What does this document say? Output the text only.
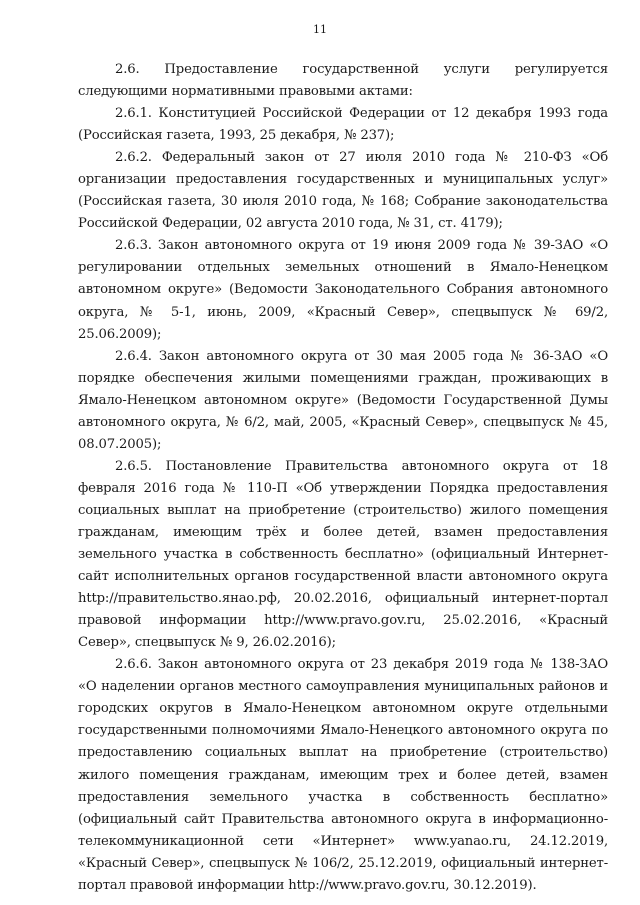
11

2.6. Предоставление государственной услуги регулируется следующими нормативными правовыми актами:

2.6.1. Конституцией Российской Федерации от 12 декабря 1993 года (Российская газета, 1993, 25 декабря, № 237);

2.6.2. Федеральный закон от 27 июля 2010 года № 210-ФЗ «Об организации предоставления государственных и муниципальных услуг» (Российская газета, 30 июля 2010 года, № 168; Собрание законодательства Российской Федерации, 02 августа 2010 года, № 31, ст. 4179);

2.6.3. Закон автономного округа от 19 июня 2009 года № 39-ЗАО «О регулировании отдельных земельных отношений в Ямало-Ненецком автономном округе» (Ведомости Законодательного Собрания автономного округа, № 5-1, июнь, 2009, «Красный Север», спецвыпуск № 69/2, 25.06.2009);

2.6.4. Закон автономного округа от 30 мая 2005 года № 36-ЗАО «О порядке обеспечения жилыми помещениями граждан, проживающих в Ямало-Ненецком автономном округе» (Ведомости Государственной Думы автономного округа, № 6/2, май, 2005, «Красный Север», спецвыпуск № 45, 08.07.2005);

2.6.5. Постановление Правительства автономного округа от 18 февраля 2016 года № 110-П «Об утверждении Порядка предоставления социальных выплат на приобретение (строительство) жилого помещения гражданам, имеющим трёх и более детей, взамен предоставления земельного участка в собственность бесплатно» (официальный Интернет-сайт исполнительных органов государственной власти автономного округа http://правительство.янао.рф, 20.02.2016, официальный интернет-портал правовой информации http://www.pravo.gov.ru, 25.02.2016, «Красный Север», спецвыпуск № 9, 26.02.2016);

2.6.6. Закон автономного округа от 23 декабря 2019 года № 138-ЗАО «О наделении органов местного самоуправления муниципальных районов и городских округов в Ямало-Ненецком автономном округе отдельными государственными полномочиями Ямало-Ненецкого автономного округа по предоставлению социальных выплат на приобретение (строительство) жилого помещения гражданам, имеющим трех и более детей, взамен предоставления земельного участка в собственность бесплатно» (официальный сайт Правительства автономного округа в информационно-телекоммуникационной сети «Интернет» www.yanao.ru, 24.12.2019, «Красный Север», спецвыпуск № 106/2, 25.12.2019, официальный интернет-портал правовой информации http://www.pravo.gov.ru, 30.12.2019).
